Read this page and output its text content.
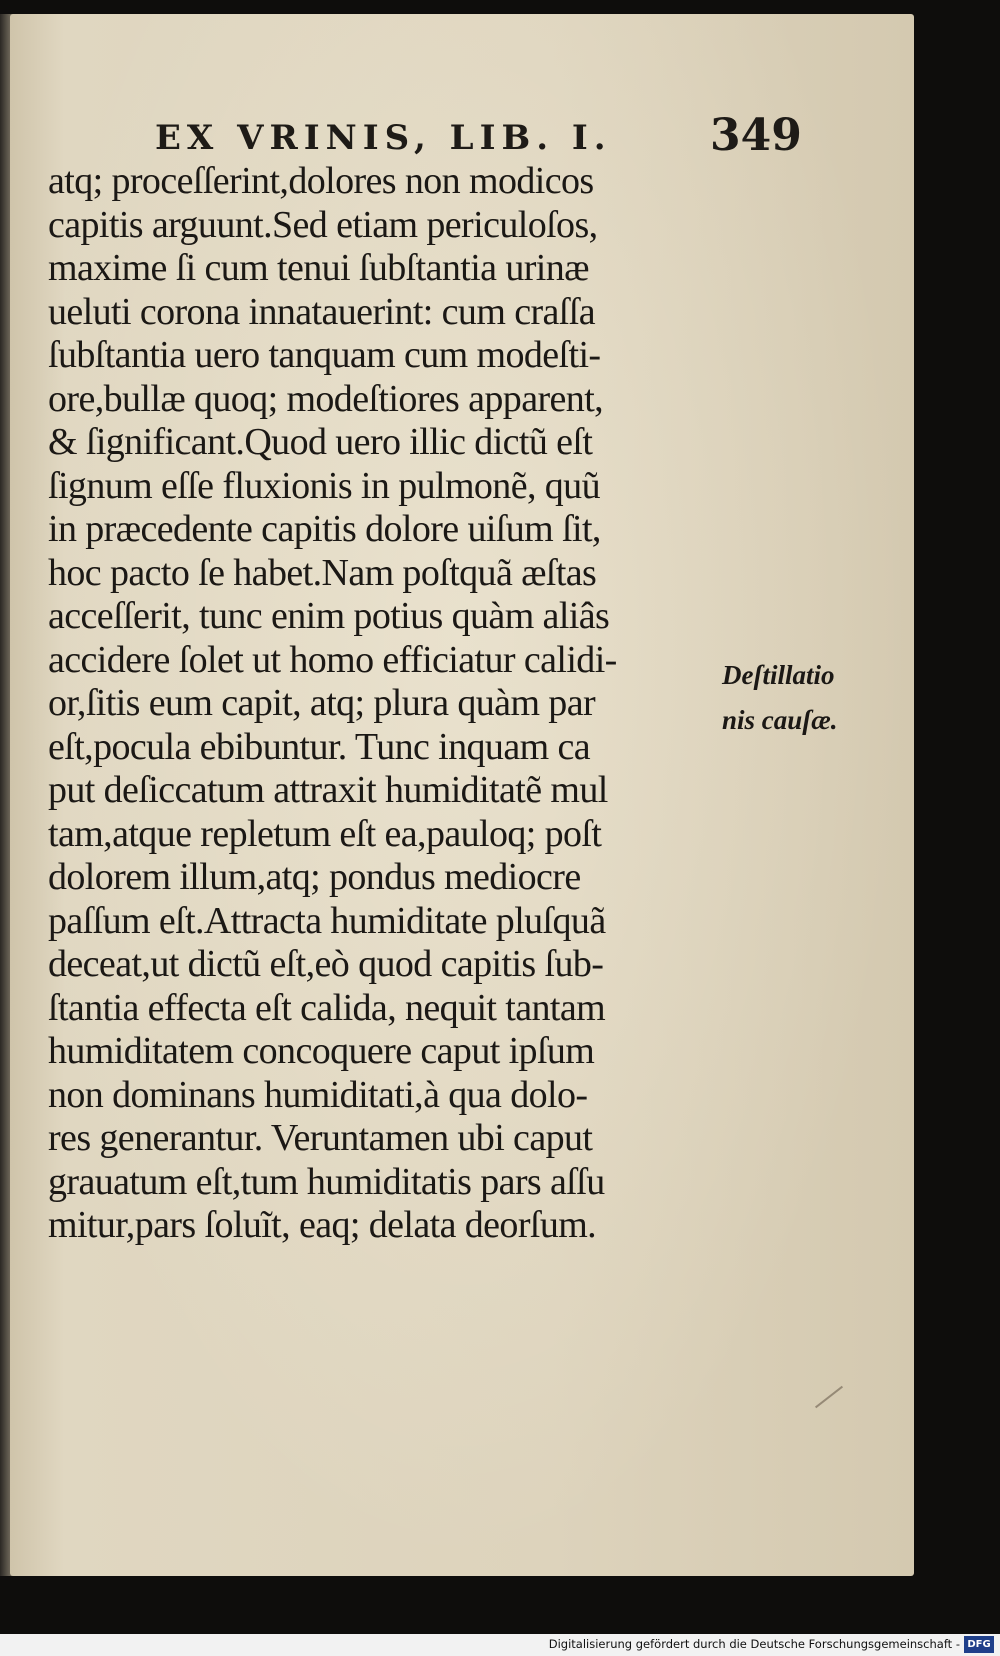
EX VRINIS, LIB. I. 349
atq; proceſſerint,dolores non modicos
capitis arguunt.Sed etiam periculoſos,
maxime ſi cum tenui ſubſtantia urinæ
ueluti corona innatauerint: cum craſſa
ſubſtantia uero tanquam cum modeſti-
ore,bullæ quoq; modeſtiores apparent,
& ſignificant.Quod uero illic dictũ eſt
ſignum eſſe fluxionis in pulmonẽ, quũ
in præcedente capitis dolore uiſum ſit,
hoc pacto ſe habet.Nam poſtquã æſtas
acceſſerit, tunc enim potius quàm aliâs
accidere ſolet ut homo efficiatur calidi-
or,ſitis eum capit, atq; plura quàm par
eſt,pocula ebibuntur. Tunc inquam ca
put deſiccatum attraxit humiditatẽ mul
tam,atque repletum eſt ea,pauloq; poſt
dolorem illum,atq; pondus mediocre
paſſum eſt.Attracta humiditate pluſquã
deceat,ut dictũ eſt,eò quod capitis ſub-
ſtantia effecta eſt calida, nequit tantam
humiditatem concoquere caput ipſum
non dominans humiditati,à qua dolo-
res generantur. Veruntamen ubi caput
grauatum eſt,tum humiditatis pars aſſu
mitur,pars ſoluĩt, eaq; delata deorſum.
Deſtillatio
nis cauſæ.
Digitalisierung gefördert durch die Deutsche Forschungsgemeinschaft - DFG
